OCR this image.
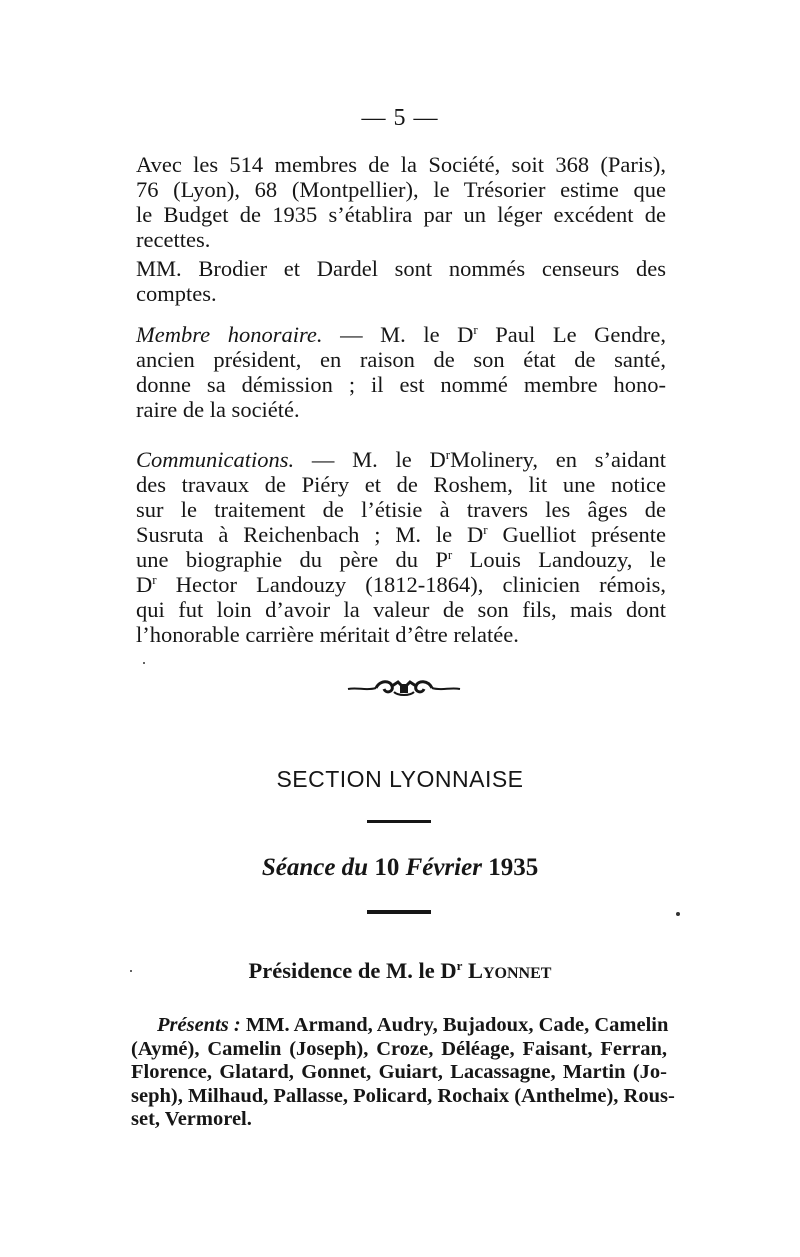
— 5 —
Avec les 514 membres de la Société, soit 368 (Paris),
76 (Lyon), 68 (Montpellier), le Trésorier estime que
le Budget de 1935 s’établira par un léger excédent de
recettes.
MM. Brodier et Dardel sont nommés censeurs des
comptes.
Membre honoraire. — M. le $D^r$ Paul Le Gendre,
ancien président, en raison de son état de santé,
donne sa démission ; il est nommé membre hono-
raire de la société.
Communications. — M. le $D^rMolinery$, en s’aidant
des travaux de Piéry et de Roshem, lit une notice
sur le traitement de l’étisie à travers les âges de
Susruta à Reichenbach ; M. le $D^r$ Guelliot présente
une biographie du père du $P^r$ Louis Landouzy, le
$D^r$ Hector Landouzy (1812-1864), clinicien rémois,
qui fut loin d’avoir la valeur de son fils, mais dont
l’honorable carrière méritait d’être relatée.
SECTION LYONNAISE
Séance du 10 Février 1935
Présidence de M. le $D^r$ Lyonnet
Présents : MM. Armand, Audry, Bujadoux, Cade, Camelin
(Aymé), Camelin (Joseph), Croze, Déléage, Faisant, Ferran,
Florence, Glatard, Gonnet, Guiart, Lacassagne, Martin (Jo-
seph), Milhaud, Pallasse, Policard, Rochaix (Anthelme), Rous-
set, Vermorel.
